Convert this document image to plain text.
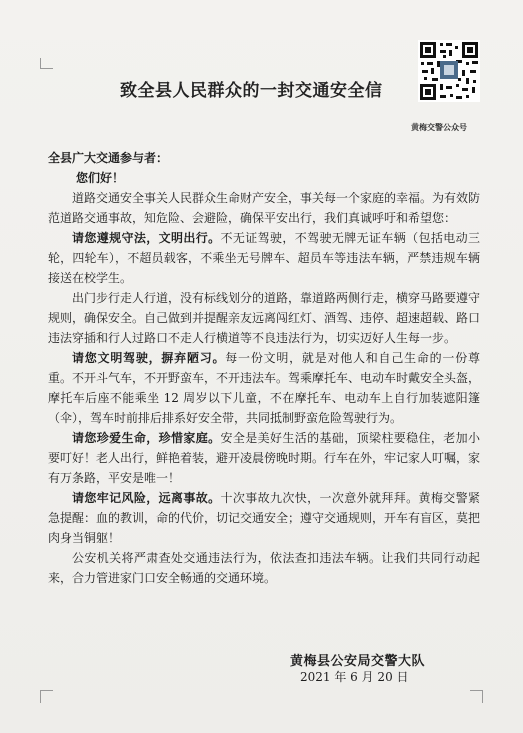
致全县人民群众的一封交通安全信
黄梅交警公众号
全县广大交通参与者：
您们好！

道路交通安全事关人民群众生命财产安全，事关每一个家庭的幸福。为有效防范道路交通事故，知危险、会避险，确保平安出行，我们真诚呼吁和希望您：

请您遵规守法，文明出行。不无证驾驶，不驾驶无牌无证车辆（包括电动三轮，四轮车），不超员载客，不乘坐无号牌车、超员车等违法车辆，严禁违规车辆接送在校学生。

出门步行走人行道，没有标线划分的道路，靠道路两侧行走，横穿马路要遵守规则，确保安全。自己做到并提醒亲友远离闯红灯、酒驾、违停、超速超载、路口违法穿插和行人过路口不走人行横道等不良违法行为，切实迈好人生每一步。

请您文明驾驶，摒弃陋习。每一份文明，就是对他人和自己生命的一份尊重。不开斗气车，不开野蛮车，不开违法车。驾乘摩托车、电动车时戴安全头盔，摩托车后座不能乘坐 12 周岁以下儿童，不在摩托车、电动车上自行加装遮阳篷（伞），驾车时前排后排系好安全带，共同抵制野蛮危险驾驶行为。

请您珍爱生命，珍惜家庭。安全是美好生活的基础，顶梁柱要稳住，老加小要叮好！老人出行，鲜艳着装，避开凌晨傍晚时期。行车在外，牢记家人叮嘱，家有万条路，平安是唯一！

请您牢记风险，远离事故。十次事故九次快，一次意外就拜拜。黄梅交警紧急提醒：血的教训，命的代价，切记交通安全；遵守交通规则，开车有盲区，莫把肉身当铜躯！

公安机关将严肃查处交通违法行为，依法查扣违法车辆。让我们共同行动起来，合力管进家门口安全畅通的交通环境。

黄梅县公安局交警大队
2021 年 6 月 20 日
